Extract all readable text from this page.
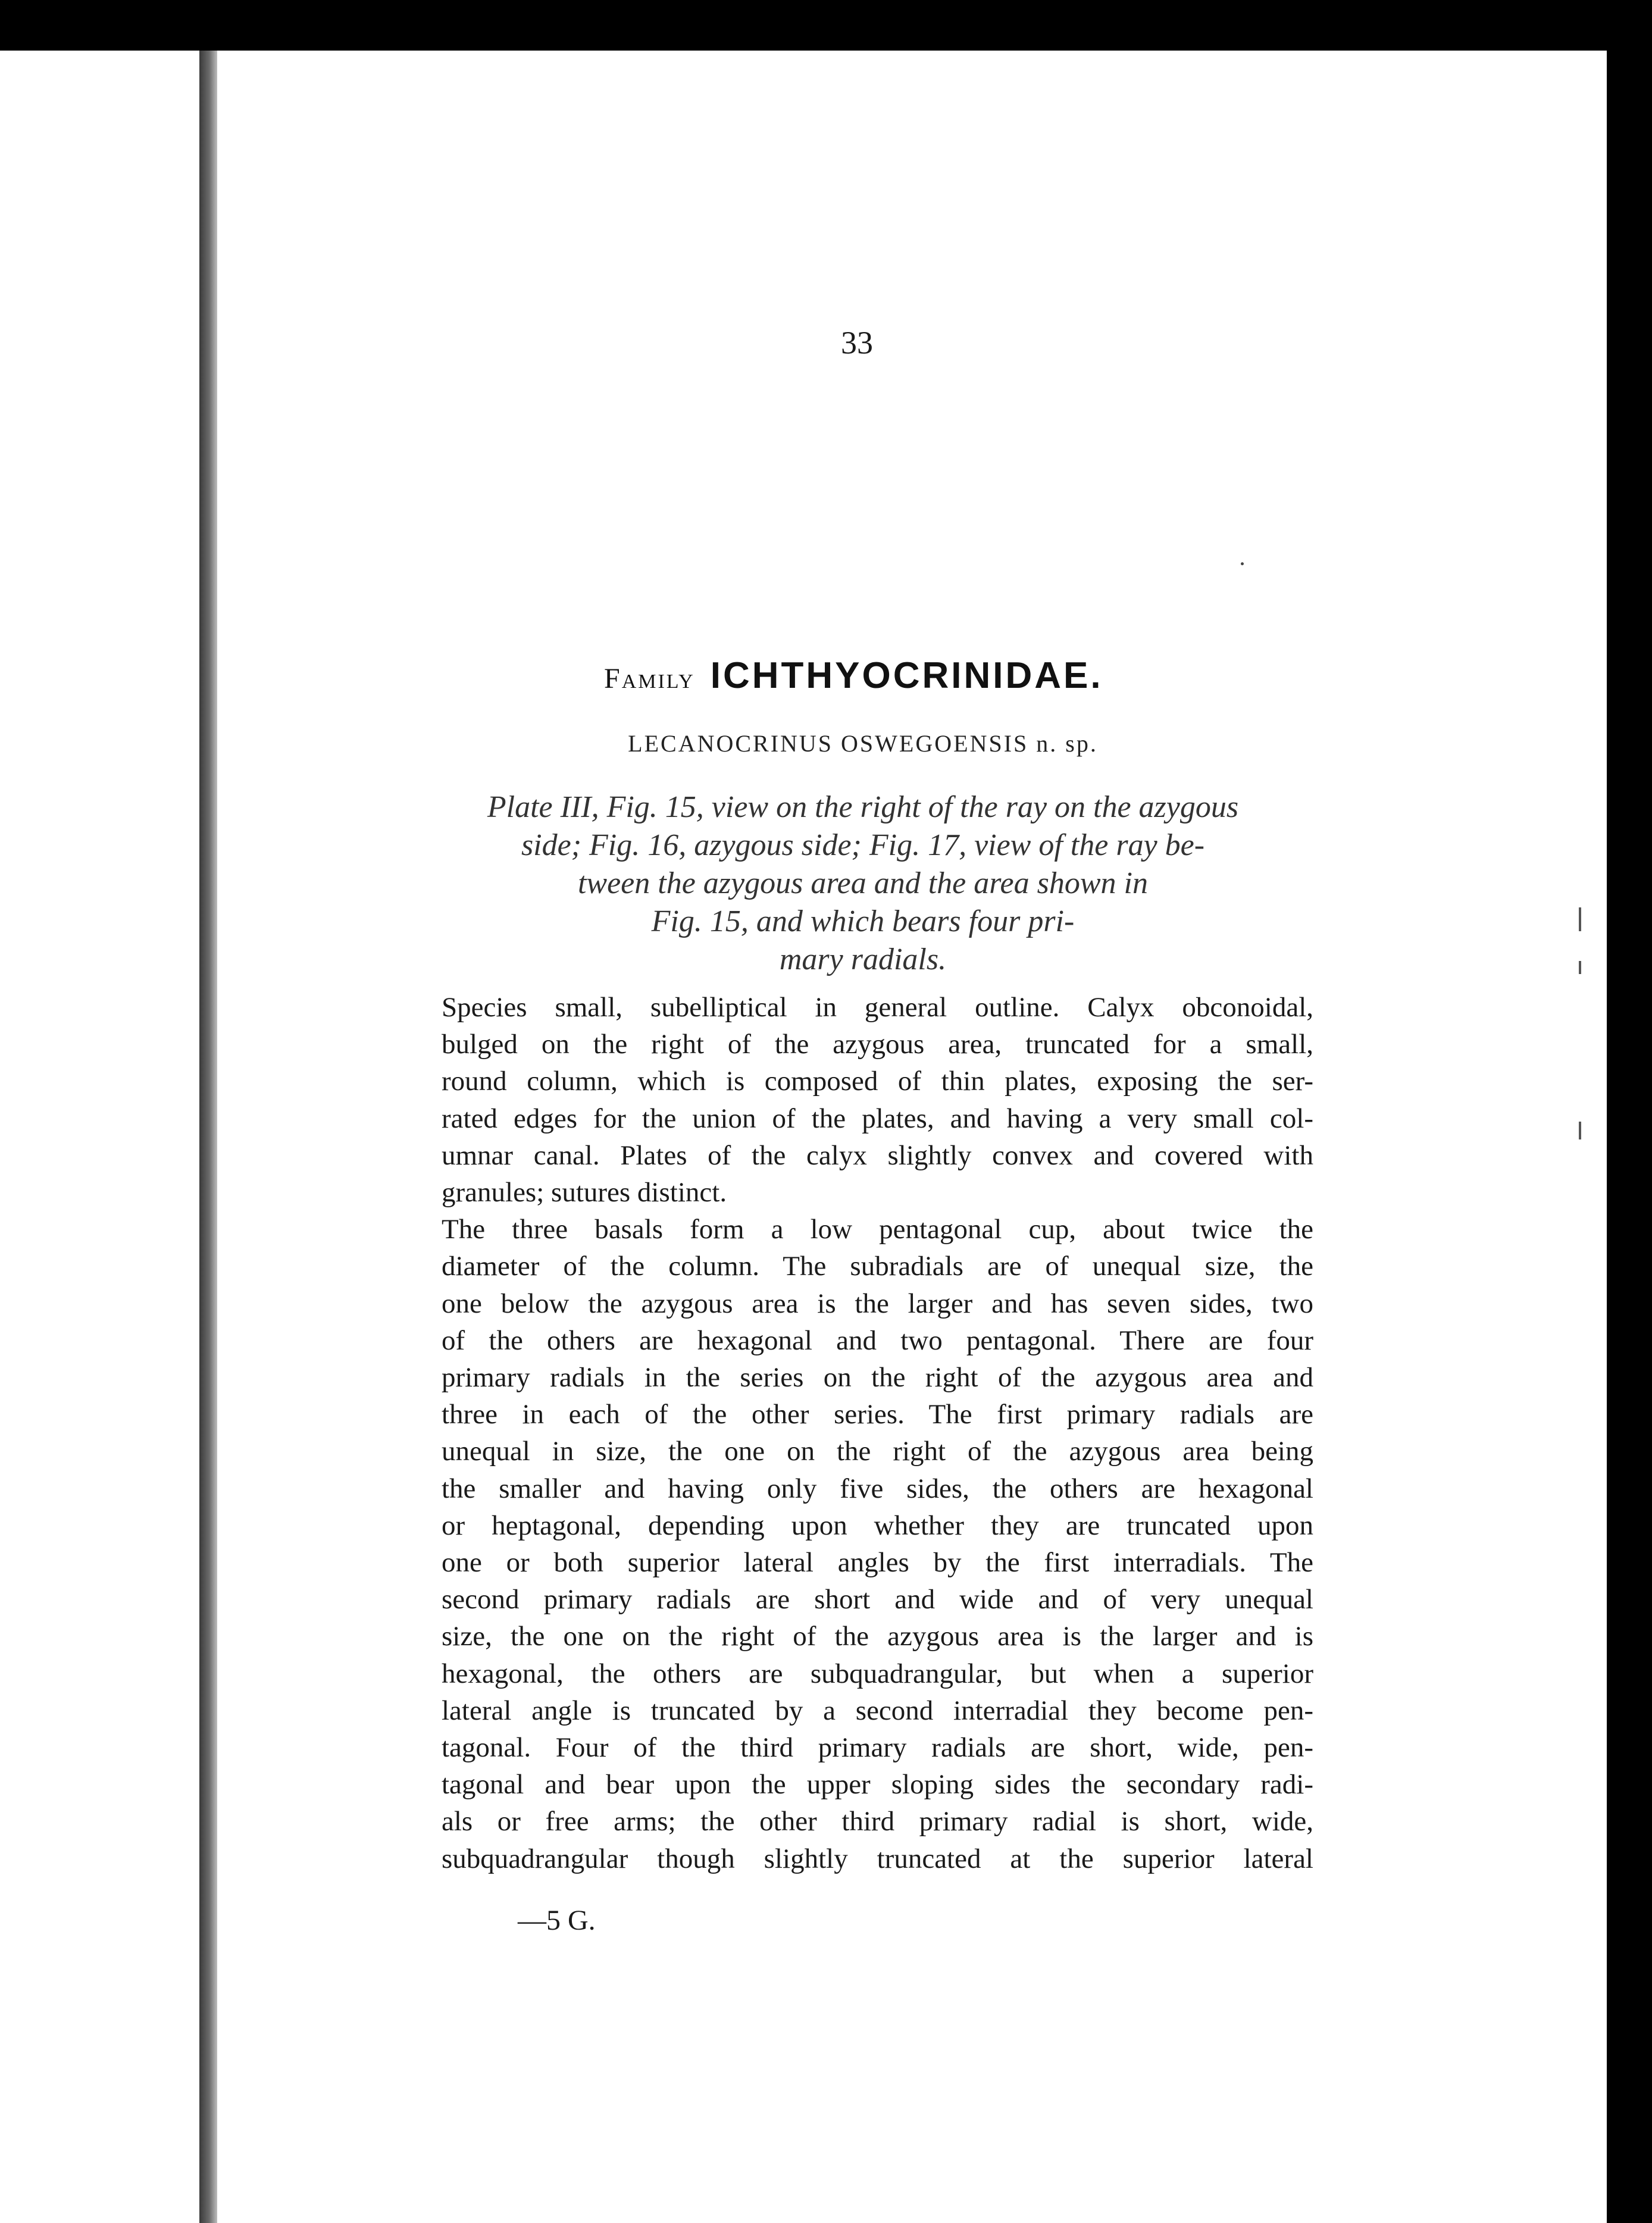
33
Family ICHTHYOCRINIDAE.
LECANOCRINUS OSWEGOENSIS n. sp.
Plate III, Fig. 15, view on the right of the ray on the azygous
side; Fig. 16, azygous side; Fig. 17, view of the ray be-
tween the azygous area and the area shown in
Fig. 15, and which bears four pri-
mary radials.
Species small, subelliptical in general outline. Calyx obconoidal,
bulged on the right of the azygous area, truncated for a small,
round column, which is composed of thin plates, exposing the ser-
rated edges for the union of the plates, and having a very small col-
umnar canal. Plates of the calyx slightly convex and covered with
granules; sutures distinct.
The three basals form a low pentagonal cup, about twice the
diameter of the column. The subradials are of unequal size, the
one below the azygous area is the larger and has seven sides, two
of the others are hexagonal and two pentagonal. There are four
primary radials in the series on the right of the azygous area and
three in each of the other series. The first primary radials are
unequal in size, the one on the right of the azygous area being
the smaller and having only five sides, the others are hexagonal
or heptagonal, depending upon whether they are truncated upon
one or both superior lateral angles by the first interradials. The
second primary radials are short and wide and of very unequal
size, the one on the right of the azygous area is the larger and is
hexagonal, the others are subquadrangular, but when a superior
lateral angle is truncated by a second interradial they become pen-
tagonal. Four of the third primary radials are short, wide, pen-
tagonal and bear upon the upper sloping sides the secondary radi-
als or free arms; the other third primary radial is short, wide,
subquadrangular though slightly truncated at the superior lateral
—5 G.
